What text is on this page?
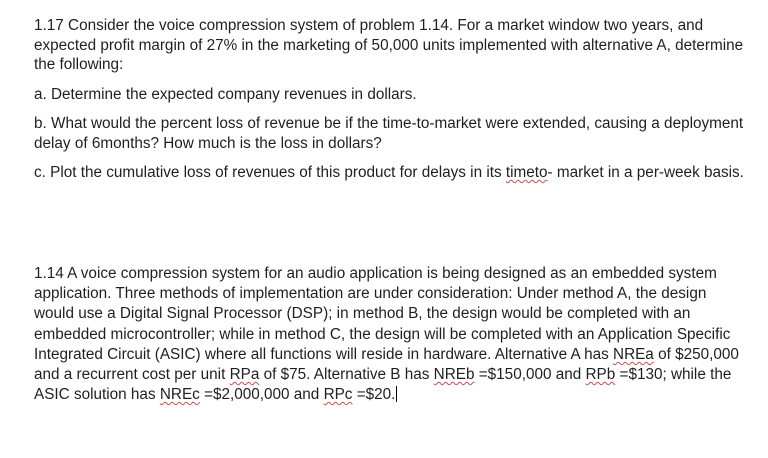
1.17 Consider the voice compression system of problem 1.14. For a market window two years, and expected profit margin of 27% in the marketing of 50,000 units implemented with alternative A, determine the following:

a. Determine the expected company revenues in dollars.

b. What would the percent loss of revenue be if the time-to-market were extended, causing a deployment delay of 6months? How much is the loss in dollars?

c. Plot the cumulative loss of revenues of this product for delays in its timeto- market in a per-week basis.

1.14 A voice compression system for an audio application is being designed as an embedded system application. Three methods of implementation are under consideration: Under method A, the design would use a Digital Signal Processor (DSP); in method B, the design would be completed with an embedded microcontroller; while in method C, the design will be completed with an Application Specific Integrated Circuit (ASIC) where all functions will reside in hardware. Alternative A has NREa of $250,000 and a recurrent cost per unit RPa of $75. Alternative B has NREb =$150,000 and RPb =$130; while the ASIC solution has NREc =$2,000,000 and RPc =$20.
